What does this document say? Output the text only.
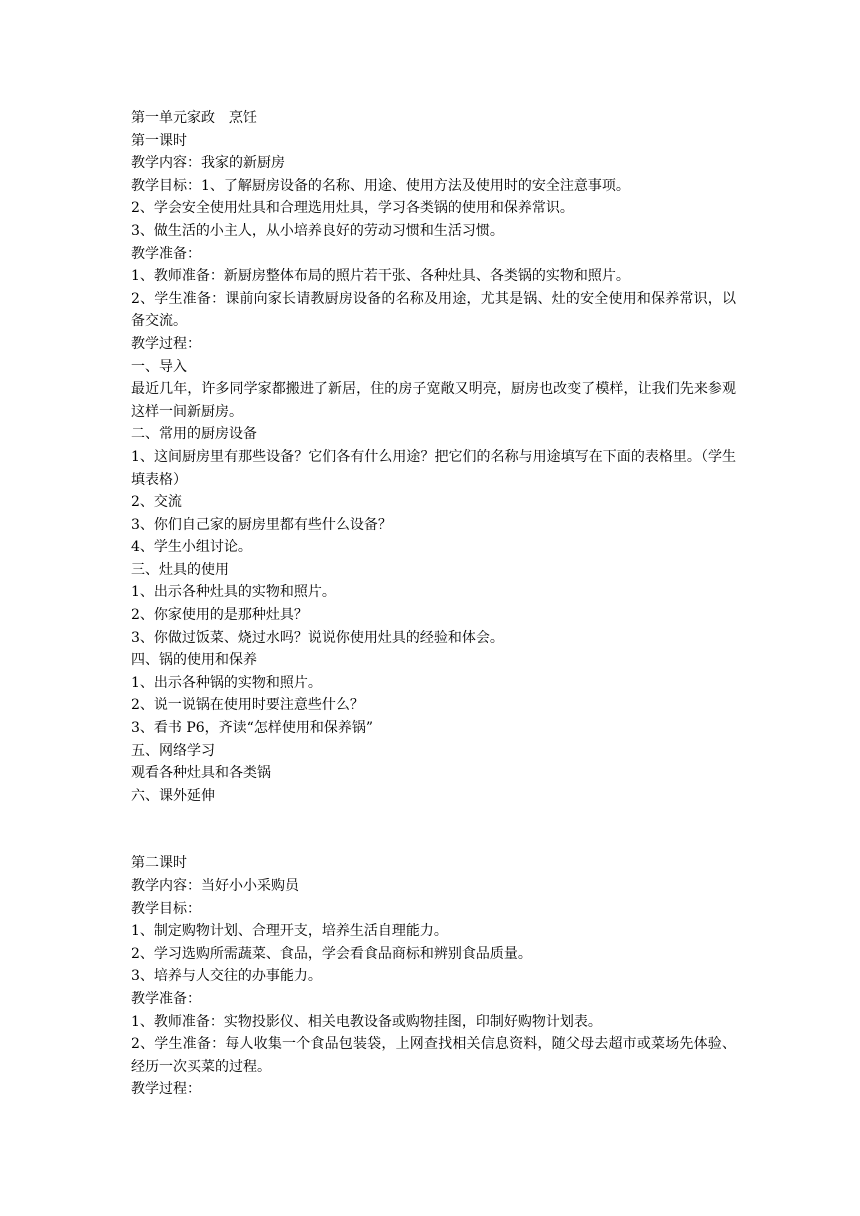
第一单元家政　烹饪
第一课时
教学内容：我家的新厨房
教学目标：1、了解厨房设备的名称、用途、使用方法及使用时的安全注意事项。
2、学会安全使用灶具和合理选用灶具，学习各类锅的使用和保养常识。
3、做生活的小主人，从小培养良好的劳动习惯和生活习惯。
教学准备：
1、教师准备：新厨房整体布局的照片若干张、各种灶具、各类锅的实物和照片。
2、学生准备：课前向家长请教厨房设备的名称及用途，尤其是锅、灶的安全使用和保养常识，以备交流。
教学过程：
一、导入
最近几年，许多同学家都搬进了新居，住的房子宽敞又明亮，厨房也改变了模样，让我们先来参观这样一间新厨房。
二、常用的厨房设备
1、这间厨房里有那些设备？它们各有什么用途？把它们的名称与用途填写在下面的表格里。（学生填表格）
2、交流
3、你们自己家的厨房里都有些什么设备？
4、学生小组讨论。
三、灶具的使用
1、出示各种灶具的实物和照片。
2、你家使用的是那种灶具？
3、你做过饭菜、烧过水吗？说说你使用灶具的经验和体会。
四、锅的使用和保养
1、出示各种锅的实物和照片。
2、说一说锅在使用时要注意些什么？
3、看书 P6，齐读“怎样使用和保养锅”
五、网络学习
观看各种灶具和各类锅
六、课外延伸
第二课时
教学内容：当好小小采购员
教学目标：
1、制定购物计划、合理开支，培养生活自理能力。
2、学习选购所需蔬菜、食品，学会看食品商标和辨别食品质量。
3、培养与人交往的办事能力。
教学准备：
1、教师准备：实物投影仪、相关电教设备或购物挂图，印制好购物计划表。
2、学生准备：每人收集一个食品包装袋，上网查找相关信息资料，随父母去超市或菜场先体验、经历一次买菜的过程。
教学过程：
